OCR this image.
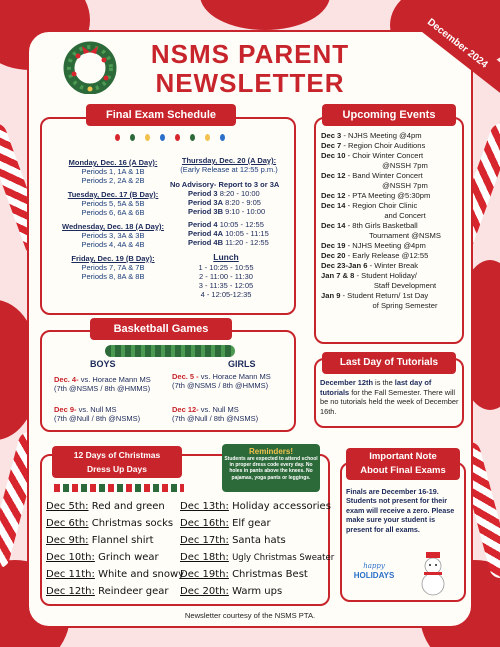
December 2024
NSMS PARENT
NEWSLETTER
Final Exam Schedule
Monday, Dec. 16 (A Day):
Periods 1, 1A & 1B
Periods 2, 2A & 2B
Tuesday, Dec. 17 (B Day):
Periods 5, 5A & 5B
Periods 6, 6A & 6B
Wednesday, Dec. 18 (A Day):
Periods 3, 3A & 3B
Periods 4, 4A & 4B
Friday, Dec. 19 (B Day):
Periods 7, 7A & 7B
Periods 8, 8A & 8B
Thursday, Dec. 20 (A Day):
(Early Release at 12:55 p.m.)
No Advisory- Report to 3 or 3A
Period 3 8:20 - 10:00
Period 3A 8:20 - 9:05
Period 3B 9:10 - 10:00
Period 4 10:05 - 12:55
Period 4A 10:05 - 11:15
Period 4B 11:20 - 12:55
Lunch
1 - 10:25 - 10:55
2 - 11:00 - 11:30
3 - 11:35 - 12:05
4 - 12:05-12:35
Upcoming Events
Dec 3 - NJHS Meeting @4pm
Dec 7 - Region Choir Auditions
Dec 10 - Choir Winter Concert
@NSSH 7pm
Dec 12 - Band Winter Concert
@NSSH 7pm
Dec 12 - PTA Meeting @5:30pm
Dec 14 - Region Choir Clinic
and Concert
Dec 14 - 8th Girls Basketball
Tournament @NSMS
Dec 19 - NJHS Meeting @4pm
Dec 20 - Early Release @12:55
Dec 23-Jan 6 - Winter Break
Jan 7 & 8 - Student Holiday/
Staff Development
Jan 9 - Student Return/ 1st Day
of Spring Semester
Basketball Games
BOYS	GIRLS
Dec. 4- vs. Horace Mann MS
(7th @NSMS / 8th @HMMS)
Dec 9- vs. Null MS
(7th @Null / 8th @NSMS)
Dec. 5 - vs. Horace Mann MS
(7th @NSMS / 8th @HMMS)
Dec 12- vs. Null MS
(7th @Null / 8th @NSMS)
Last Day of Tutorials
December 12th is the last day of tutorials for the Fall Semester. There will be no tutorials held the week of December 16th.
12 Days of Christmas
Dress Up Days
Reminders!
Students are expected to attend school in proper dress code every day. No holes in pants above the knees. No pajamas, yoga pants or leggings.
Dec 5th: Red and green
Dec 6th: Christmas socks
Dec 9th: Flannel shirt
Dec 10th: Grinch wear
Dec 11th: White and snowy
Dec 12th: Reindeer gear
Dec 13th: Holiday accessories
Dec 16th: Elf gear
Dec 17th: Santa hats
Dec 18th: Ugly Christmas Sweater
Dec 19th: Christmas Best
Dec 20th: Warm ups
Important Note
About Final Exams
Finals are December 16-19. Students not present for their exam will receive a zero. Please make sure your student is present for all exams.
happy
HOLIDAYS
Newsletter courtesy of the NSMS PTA.
